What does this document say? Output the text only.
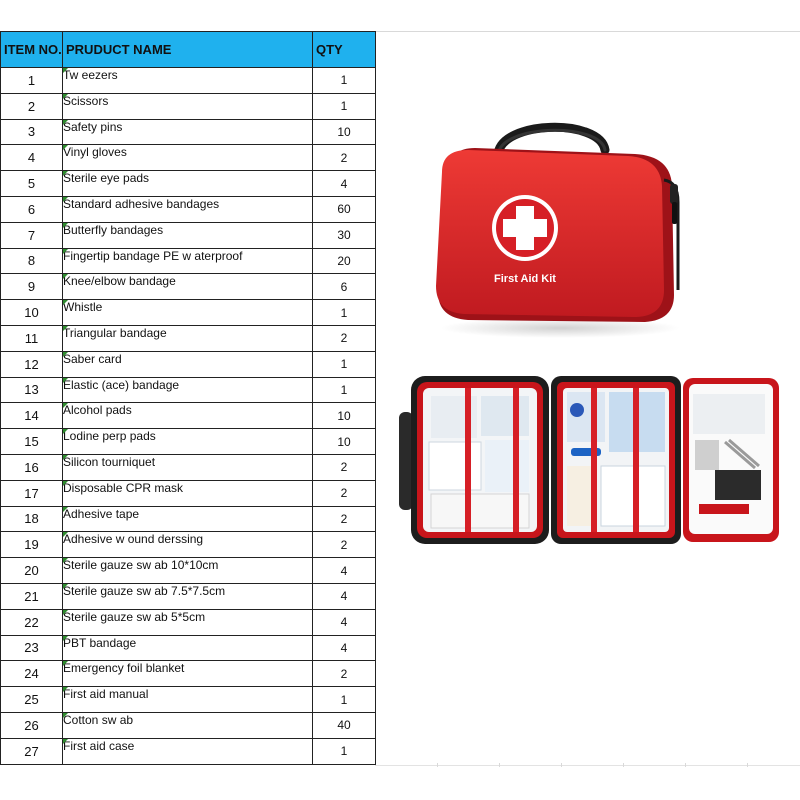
ITEM NO.	PRUDUCT NAME	QTY
1	Tw eezers	1
2	Scissors	1
3	Safety pins	10
4	Vinyl gloves	2
5	Sterile eye pads	4
6	Standard adhesive bandages	60
7	Butterfly bandages	30
8	Fingertip bandage PE w aterproof	20
9	Knee/elbow bandage	6
10	Whistle	1
11	Triangular bandage	2
12	Saber card	1
13	Elastic (ace) bandage	1
14	Alcohol pads	10
15	Lodine perp pads	10
16	Silicon tourniquet	2
17	Disposable CPR mask	2
18	Adhesive tape	2
19	Adhesive w ound derssing	2
20	Sterile gauze sw ab 10*10cm	4
21	Sterile gauze sw ab 7.5*7.5cm	4
22	Sterile gauze sw ab 5*5cm	4
23	PBT bandage	4
24	Emergency foil blanket	2
25	First aid manual	1
26	Cotton sw ab	40
27	First aid case	1
First Aid Kit
